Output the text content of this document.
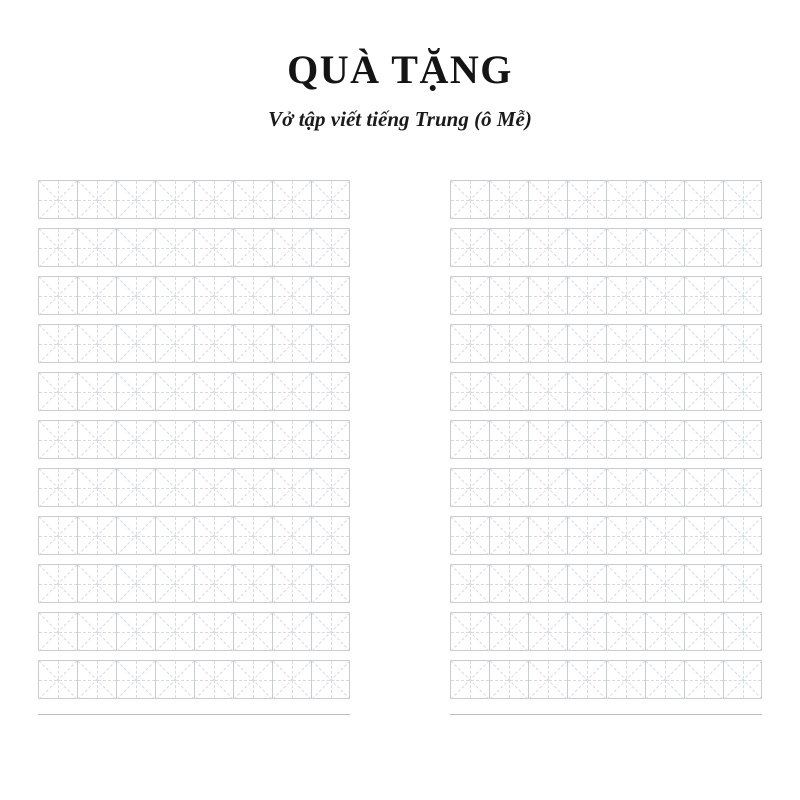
QUÀ TẶNG

Vở tập viết tiếng Trung (ô Mễ)
